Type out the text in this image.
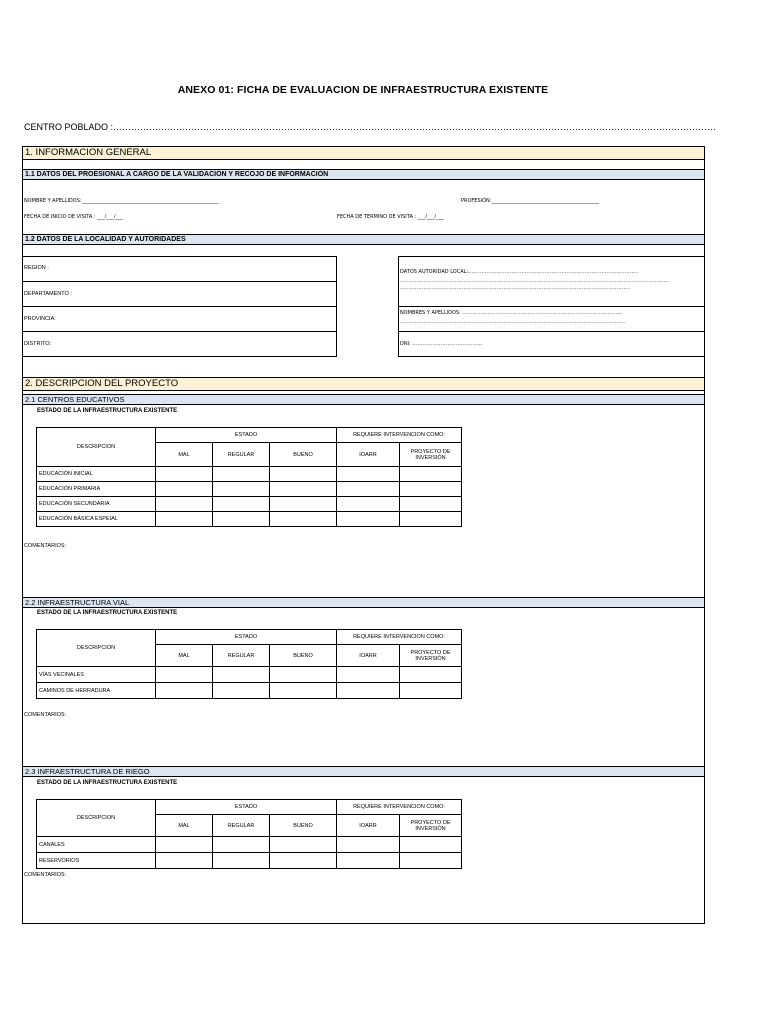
ANEXO 01: FICHA DE EVALUACION DE INFRAESTRUCTURA EXISTENTE
CENTRO POBLADO :…………………………………………………………………………………………………………………………………………………………………………………
1. INFORMACION GENERAL
1.1 DATOS DEL PROESIONAL A CARGO DE LA VALIDACION Y RECOJO DE INFORMACIÓN
NOMBRE Y APELLIDOS:_______________________________________________________	PROFESIÓN:___________________________________________
FECHA DE INICIO DE VISITA : ___/___/___	FECHA DE TERMINO DE VISITA : ___/___/___
1.2 DATOS DE LA LOCALIDAD Y AUTORIDADES
REGION :
DEPARTAMENTO :
PROVINCIA:
DISTRITO:
DATOS AUTORIDAD LOCAL:…………………………………………………………………………………………
………………………………………………………………………………………………………………………………………………
…………………………………………………………………………………………………………………………
NOMBRES Y APELLIDOS: ……………………………………………………………………………………
………………………………………………………………………………………………………………………
DNI: ……………………………………
2. DESCRIPCION DEL PROYECTO
2.1 CENTROS EDUCATIVOS
ESTADO DE LA INFRAESTRUCTURA EXISTENTE
DESCRIPCION	ESTADO			REQUIERE INTERVENCION COMO:	
	MAL	REGULAR	BUENO	IOARR	PROYECTO DE INVERSIÓN
EDUCACIÓN INICIAL					
EDUCACIÓN PRIMARIA					
EDUCACIÓN SECUNDARIA					
EDUCACIÓN BÁSICA ESPEIAL					
COMENTARIOS:
2.2 INFRAESTRUCTURA VIAL
ESTADO DE LA INFRAESTRUCTURA EXISTENTE
DESCRIPCION	ESTADO			REQUIERE INTERVENCION COMO:	
	MAL	REGULAR	BUENO	IOARR	PROYECTO DE INVERSIÓN
VÍAS VECINALES					
CAMINOS DE HERRADURA					
COMENTARIOS:
2.3 INFRAESTRUCTURA DE RIEGO
ESTADO DE LA INFRAESTRUCTURA EXISTENTE
DESCRIPCION	ESTADO			REQUIERE INTERVENCION COMO:	
	MAL	REGULAR	BUENO	IOARR	PROYECTO DE INVERSIÓN
CANALES					
RESERVORIOS					
COMENTARIOS:
